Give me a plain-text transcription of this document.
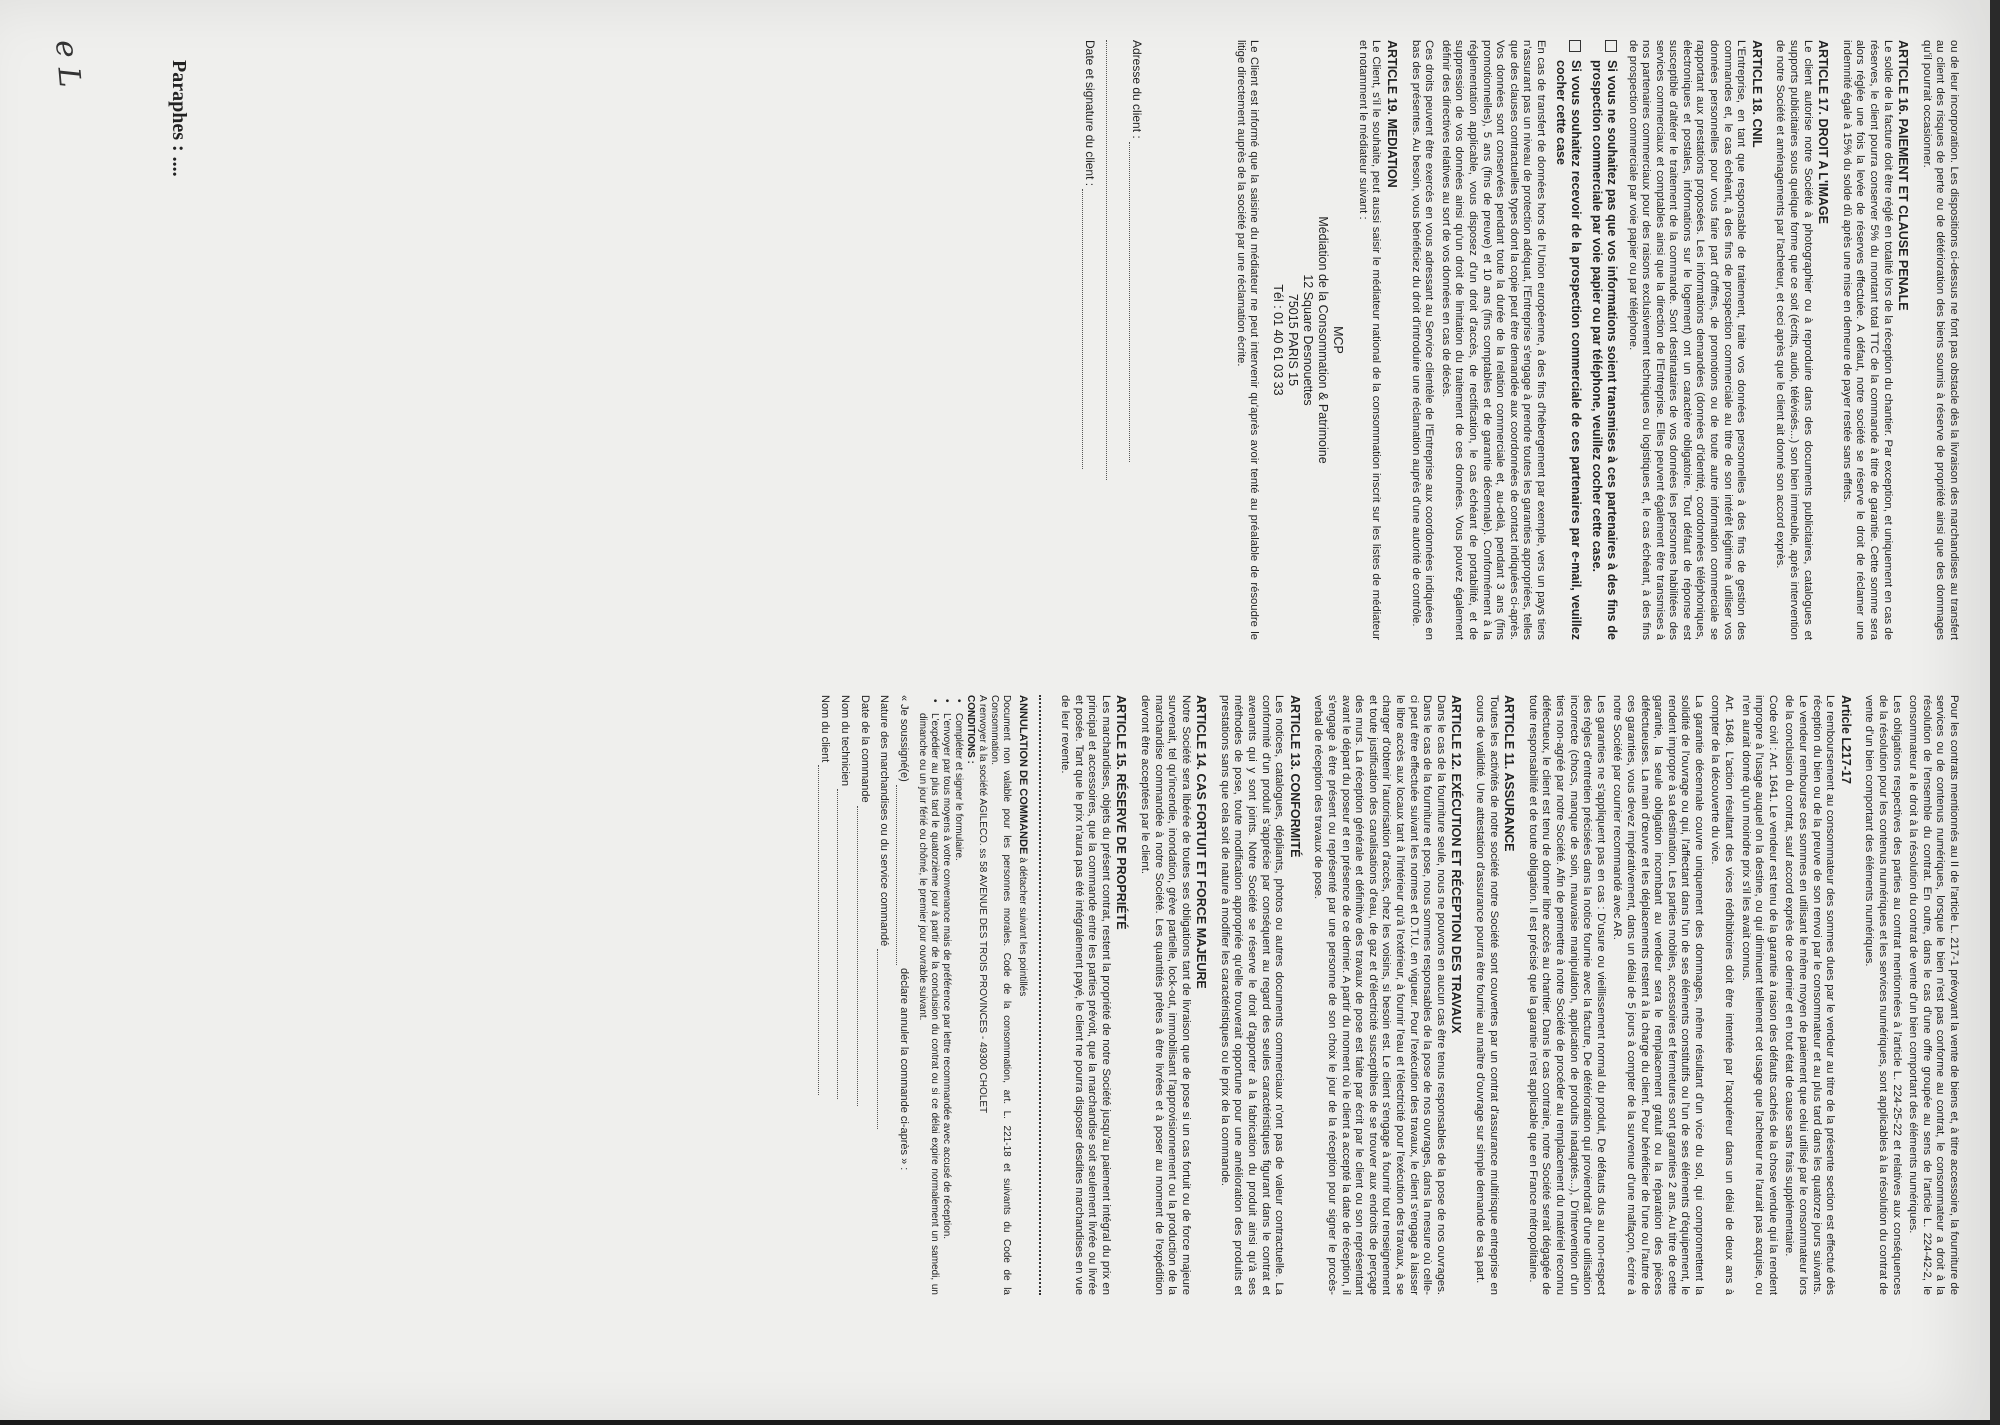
Pour les contrats mentionnés au II de l'article L. 217-1 prévoyant la vente de biens et, à titre accessoire, la fourniture de services ou de contenus numériques, lorsque le bien n'est pas conforme au contrat, le consommateur a droit à la résolution de l'ensemble du contrat. En outre, dans le cas d'une offre groupée au sens de l'article L. 224-42-2, le consommateur a le droit à la résolution du contrat de vente d'un bien comportant des éléments numériques.

Les obligations respectives des parties au contrat mentionnées à l'article L. 224-25-22 et relatives aux conséquences de la résolution pour les contenus numériques et les services numériques, sont applicables à la résolution du contrat de vente d'un bien comportant des éléments numériques.

Article L217-17

Le remboursement au consommateur des sommes dues par le vendeur au titre de la présente section est effectué dès réception du bien ou de la preuve de son renvoi par le consommateur et au plus tard dans les quatorze jours suivants. Le vendeur rembourse ces sommes en utilisant le même moyen de paiement que celui utilisé par le consommateur lors de la conclusion du contrat, sauf accord exprès de ce dernier et en tout état de cause sans frais supplémentaire.

Code civil : Art. 1641. Le vendeur est tenu de la garantie à raison des défauts cachés de la chose vendue qui la rendent impropre à l'usage auquel on la destine, ou qui diminuent tellement cet usage que l'acheteur ne l'aurait pas acquise, ou n'en aurait donné qu'un moindre prix s'il les avait connus.

Art. 1648. L'action résultant des vices rédhibitoires doit être intentée par l'acquéreur dans un délai de deux ans à compter de la découverte du vice.

La garantie décennale couvre uniquement des dommages, même résultant d'un vice du sol, qui compromettent la solidité de l'ouvrage ou qui, l'affectant dans l'un de ses éléments constitutifs ou l'un de ses éléments d'équipement, le rendent impropre à sa destination. Les parties mobiles, accessoires et fermetures sont garanties 2 ans. Au titre de cette garantie, la seule obligation incombant au vendeur sera le remplacement gratuit ou la réparation des pièces défectueuses. La main d'œuvre et les déplacements restent à la charge du client. Pour bénéficier de l'une ou l'autre de ces garanties, vous devez impérativement, dans un délai de 5 jours à compter de la survenue d'une malfaçon, écrire à notre Société par courrier recommandé avec AR.

Les garanties ne s'appliquent pas en cas : D'usure ou vieillissement normal du produit, De défauts dus au non-respect des règles d'entretien précisées dans la notice fournie avec la facture, De détérioration qui proviendrait d'une utilisation incorrecte (chocs, manque de soin, mauvaise manipulation, application de produits inadaptés...), D'intervention d'un tiers non-agréé par notre Société. Afin de permettre à notre Société de procéder au remplacement du matériel reconnu défectueux, le client est tenu de donner libre accès au chantier. Dans le cas contraire, notre Société serait dégagée de toute responsabilité et de toute obligation. Il est précisé que la garantie n'est applicable que en France métropolitaine.

ARTICLE 11. ASSURANCE

Toutes les activités de notre société notre Société sont couvertes par un contrat d'assurance multirisque entreprise en cours de validité. Une attestation d'assurance pourra être fournie au maître d'ouvrage sur simple demande de sa part.

ARTICLE 12. EXÉCUTION ET RÉCEPTION DES TRAVAUX

Dans le cas de la fourniture seule, nous ne pouvons en aucun cas être tenus responsables de la pose de nos ouvrages. Dans le cas de la fourniture et pose, nous sommes responsables de la pose de nos ouvrages, dans la mesure où celle-ci peut être effectuée suivant les normes et D.T.U. en vigueur. Pour l'exécution des travaux, le client s'engage à laisser le libre accès aux locaux tant à l'intérieur qu'à l'extérieur, à fournir l'eau et l'électricité pour l'exécution des travaux, à se charger d'obtenir l'autorisation d'accès, chez les voisins, si besoin est. Le client s'engage à fournir tout renseignement et toute justification des canalisations d'eau, de gaz et d'électricité susceptibles de se trouver aux endroits de perçage des murs. La réception générale et définitive des travaux de pose est faite par écrit par le client ou son représentant avant le départ du poseur et en présence de ce dernier. A partir du moment où le client a accepté la date de réception, il s'engage à être présent ou représenté par une personne de son choix le jour de la réception pour signer le procès-verbal de réception des travaux de pose.

ARTICLE 13. CONFORMITÉ

Les notices, catalogues, dépliants, photos ou autres documents commerciaux n'ont pas de valeur contractuelle. La conformité d'un produit s'apprécie par conséquent au regard des seules caractéristiques figurant dans le contrat et avenants qui y sont joints. Notre Société se réserve le droit d'apporter à la fabrication du produit ainsi qu'à ses méthodes de pose, toute modification appropriée qu'elle trouverait opportune pour une amélioration des produits et prestations sans que cela soit de nature à modifier les caractéristiques ou le prix de la commande.

ARTICLE 14. CAS FORTUIT ET FORCE MAJEURE

Notre Société sera libérée de toutes ses obligations tant de livraison que de pose si un cas fortuit ou de force majeure survenait, tel qu'incendie, inondation, grève partielle, lock-out, immobilisant l'approvisionnement ou la production de la marchandise commandée à notre Société. Les quantités prêtes à être livrées et à poser au moment de l'expédition devront être acceptées par le client.

ARTICLE 15. RÉSERVE DE PROPRIÉTÉ

Les marchandises, objets du présent contrat, restent la propriété de notre Société jusqu'au paiement intégral du prix en principal et accessoires, que la commande entre les parties prévoit, que la marchandise soit seulement livrée ou livrée et posée. Tant que le prix n'aura pas été intégralement payé, le client ne pourra disposer desdites marchandises en vue de leur revente.

ANNULATION DE COMMANDE à détacher suivant les pointillés
Document non valable pour les personnes morales. Code de la consommation, art. L. 221-18 et suivants du Code de la Consommation.
A renvoyer à la société AGILECO. ss 58 AVENUE DES TROIS PROVINCES - 49300 CHOLET
CONDITIONS :
• Compléter et signer le formulaire.
• L'envoyer par tous moyens à votre convenance mais de préférence par lettre recommandée avec accusé de réception.
• L'expédier au plus tard le quatorzième jour à partir de la conclusion du contrat ou si ce délai expire normalement un samedi, un dimanche ou un jour férié ou chômé, le premier jour ouvrable suivant.
« Je soussigné(e)  déclare annuler la commande ci-après » :
Nature des marchandises ou du service commandé
Date de la commande
Nom du technicien
Nom du client

ou de leur incorporation. Les dispositions ci-dessus ne font pas obstacle dès la livraison des marchandises au transfert au client des risques de perte ou de détérioration des biens soumis à réserve de propriété ainsi que des dommages qu'il pourrait occasionner.

ARTICLE 16. PAIEMENT ET CLAUSE PENALE

Le solde de la facture doit être réglé en totalité lors de la réception du chantier. Par exception, et uniquement en cas de réserves, le client pourra conserver 5% du montant total TTC de la commande à titre de garantie. Cette somme sera alors réglée une fois la levée de réserves effectuée. A défaut, notre société se réserve le droit de réclamer une indemnité égale à 15% du solde dû après une mise en demeure de payer restée sans effets.

ARTICLE 17. DROIT A L'IMAGE

Le client autorise notre Société à photographier ou à reproduire dans des documents publicitaires, catalogues et supports publicitaires sous quelque forme que ce soit (écrits, audio, télévisés...) son bien immeuble, après intervention de notre Société et aménagements par l'acheteur, et ceci après que le client ait donné son accord exprès.

ARTICLE 18. CNIL

L'Entreprise, en tant que responsable de traitement, traite vos données personnelles à des fins de gestion des commandes et, le cas échéant, à des fins de prospection commerciale au titre de son intérêt légitime à utiliser vos données personnelles pour vous faire part d'offres, de promotions ou de toute autre information commerciale se rapportant aux prestations proposées. Les informations demandées (données d'identité, coordonnées téléphoniques, électroniques et postales, informations sur le logement) ont un caractère obligatoire. Tout défaut de réponse est susceptible d'altérer le traitement de la commande. Sont destinataires de vos données les personnes habilitées des services commerciaux et comptables ainsi que la direction de l'Entreprise. Elles peuvent également être transmises à nos partenaires commerciaux pour des raisons exclusivement techniques ou logistiques et, le cas échéant, à des fins de prospection commerciale par voie papier ou par téléphone.

Si vous ne souhaitez pas que vos informations soient transmises à ces partenaires à des fins de prospection commerciale par voie papier ou par téléphone, veuillez cocher cette case.
Si vous souhaitez recevoir de la prospection commerciale de ces partenaires par e-mail, veuillez cocher cette case

En cas de transfert de données hors de l'Union européenne, à des fins d'hébergement par exemple, vers un pays tiers n'assurant pas un niveau de protection adéquat, l'Entreprise s'engage à prendre toutes les garanties appropriées, telles que des clauses contractuelles types dont la copie peut être demandée aux coordonnées de contact indiquées ci-après. Vos données sont conservées pendant toute la durée de la relation commerciale et, au-delà, pendant 3 ans (fins promotionnelles), 5 ans (fins de preuve) et 10 ans (fins comptables et de garantie décennale). Conformément à la réglementation applicable, vous disposez d'un droit d'accès, de rectification, le cas échéant de portabilité, et de suppression de vos données ainsi qu'un droit de limitation du traitement de ces données. Vous pouvez également définir des directives relatives au sort de vos données en cas de décès.

Ces droits peuvent être exercés en vous adressant au Service clientèle de l'Entreprise aux coordonnées indiquées en bas des présentes. Au besoin, vous bénéficiez du droit d'introduire une réclamation auprès d'une autorité de contrôle.

ARTICLE 19. MEDIATION

Le Client, s'il le souhaite, peut aussi saisir le médiateur national de la consommation inscrit sur les listes de médiateur et notamment le médiateur suivant :

MCP
Médiation de la Consommation & Patrimoine
12 Square Desnouettes
75015 PARIS 15
Tél : 01 40 61 03 33

Le Client est informé que la saisine du médiateur ne peut intervenir qu'après avoir tenté au préalable de résoudre le litige directement auprès de la société par une réclamation écrite.

Adresse du client :
Date et signature du client :
Paraphes : ....
e L
